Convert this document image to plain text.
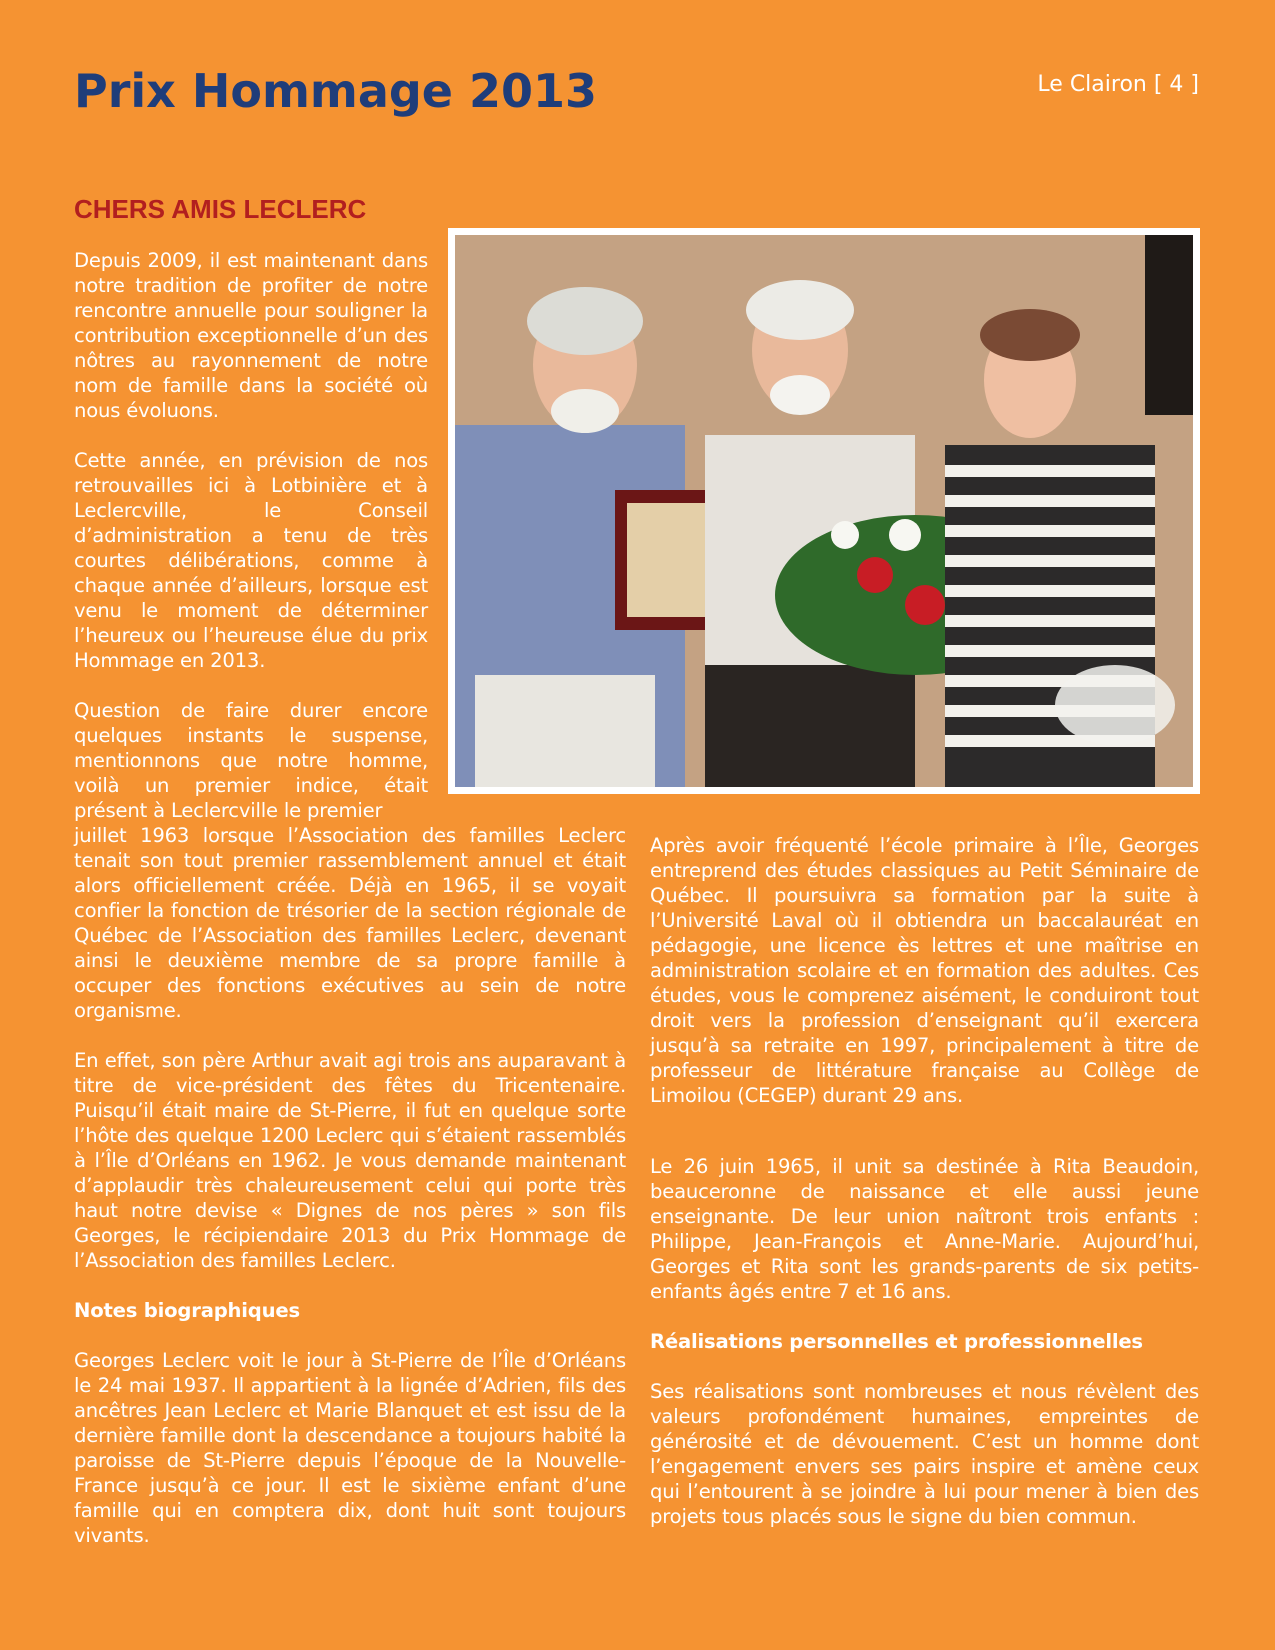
Prix Hommage 2013	Le Clairon [ 4 ]
CHERS AMIS LECLERC

Depuis 2009, il est maintenant dans notre tradition de profiter de notre rencontre annuelle pour souligner la contribution exceptionnelle d’un des nôtres au rayonnement de notre nom de famille dans la société où nous évoluons.

Cette année, en prévision de nos retrouvailles ici à Lotbinière et à Leclercville, le Conseil d’administration a tenu de très courtes délibérations, comme à chaque année d’ailleurs, lorsque est venu le moment de déterminer l’heureux ou l’heureuse élue du prix Hommage en 2013.

Question de faire durer encore quelques instants le suspense, mentionnons que notre homme, voilà un premier indice, était présent à Leclercville le premier

juillet 1963 lorsque l’Association des familles Leclerc tenait son tout premier rassemblement annuel et était alors officiellement créée. Déjà en 1965, il se voyait confier la fonction de trésorier de la section régionale de Québec de l’Association des familles Leclerc, devenant ainsi le deuxième membre de sa propre famille à occuper des fonctions exécutives au sein de notre organisme.

En effet, son père Arthur avait agi trois ans auparavant à titre de vice-président des fêtes du Tricentenaire. Puisqu’il était maire de St-Pierre, il fut en quelque sorte l’hôte des quelque 1200 Leclerc qui s’étaient rassemblés à l’Île d’Orléans en 1962. Je vous demande maintenant d’applaudir très chaleureusement celui qui porte très haut notre devise « Dignes de nos pères » son fils Georges, le récipiendaire 2013 du Prix Hommage de l’Association des familles Leclerc.

Notes biographiques

Georges Leclerc voit le jour à St-Pierre de l’Île d’Orléans le 24 mai 1937. Il appartient à la lignée d’Adrien, fils des ancêtres Jean Leclerc et Marie Blanquet et est issu de la dernière famille dont la descendance a toujours habité la paroisse de St-Pierre depuis l’époque de la Nouvelle-France jusqu’à ce jour. Il est le sixième enfant d’une famille qui en comptera dix, dont huit sont toujours vivants.

Après avoir fréquenté l’école primaire à l’Île, Georges entreprend des études classiques au Petit Séminaire de Québec. Il poursuivra sa formation par la suite à l’Université Laval où il obtiendra un baccalauréat en pédagogie, une licence ès lettres et une maîtrise en administration scolaire et en formation des adultes. Ces études, vous le comprenez aisément, le conduiront tout droit vers la profession d’enseignant qu’il exercera jusqu’à sa retraite en 1997, principalement à titre de professeur de littérature française au Collège de Limoilou (CEGEP) durant 29 ans.

Le 26 juin 1965, il unit sa destinée à Rita Beaudoin, beauceronne de naissance et elle aussi jeune enseignante. De leur union naîtront trois enfants : Philippe, Jean-François et Anne-Marie. Aujourd’hui, Georges et Rita sont les grands-parents de six petits-enfants âgés entre 7 et 16 ans.

Réalisations personnelles et professionnelles

Ses réalisations sont nombreuses et nous révèlent des valeurs profondément humaines, empreintes de générosité et de dévouement. C’est un homme dont l’engagement envers ses pairs inspire et amène ceux qui l’entourent à se joindre à lui pour mener à bien des projets tous placés sous le signe du bien commun.
